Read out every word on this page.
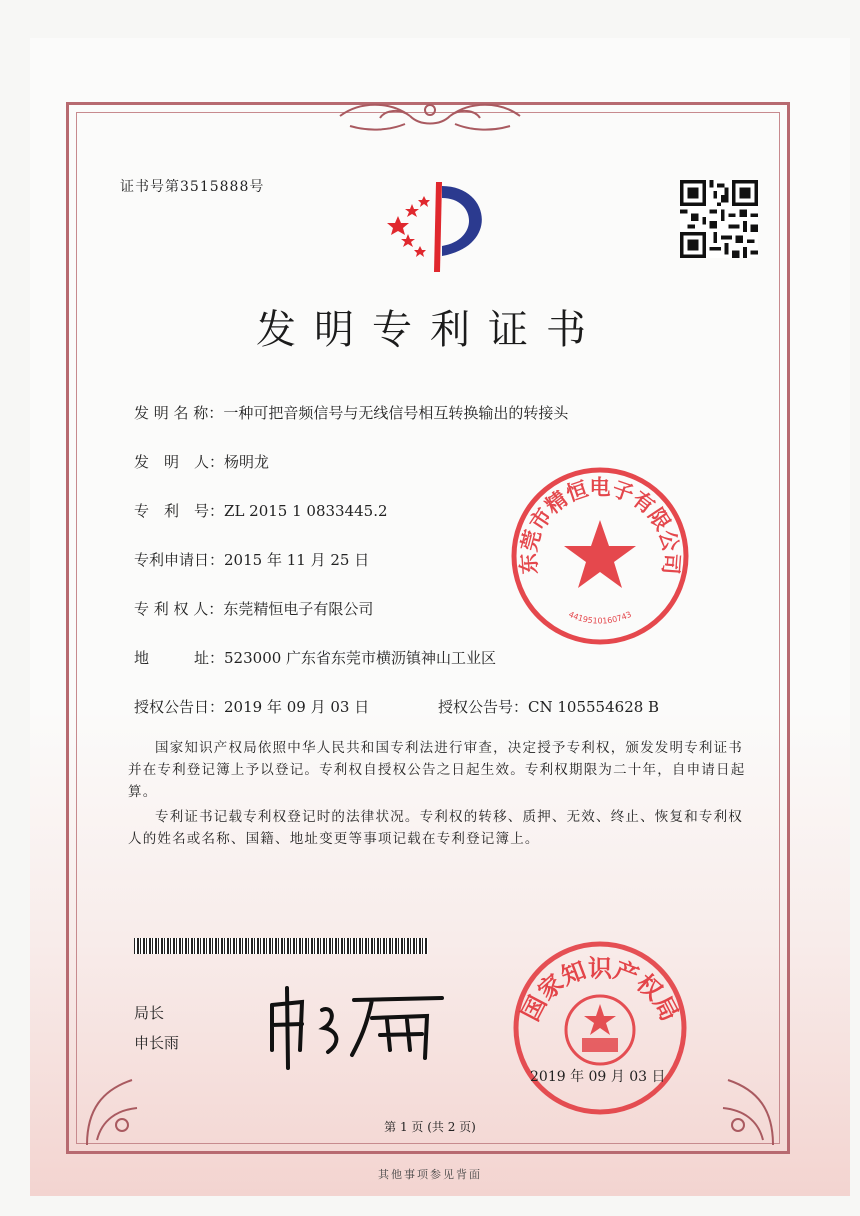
证书号第3515888号
发明专利证书
发 明 名 称：一种可把音频信号与无线信号相互转换输出的转接头
发　明　人：杨明龙
专　利　号：ZL 2015 1 0833445.2
专利申请日：2015 年 11 月 25 日
专 利 权 人：东莞精恒电子有限公司
地　　　址：523000 广东省东莞市横沥镇神山工业区
授权公告日：2019 年 09 月 03 日	授权公告号：CN 105554628 B
国家知识产权局依照中华人民共和国专利法进行审查，决定授予专利权，颁发发明专利证书并在专利登记簿上予以登记。专利权自授权公告之日起生效。专利权期限为二十年，自申请日起算。
专利证书记载专利权登记时的法律状况。专利权的转移、质押、无效、终止、恢复和专利权人的姓名或名称、国籍、地址变更等事项记载在专利登记簿上。
东莞市精恒电子有限公司
4419510160743
局长
申长雨
国家知识产权局
2019 年 09 月 03 日
第 1 页 (共 2 页)
其他事项参见背面
